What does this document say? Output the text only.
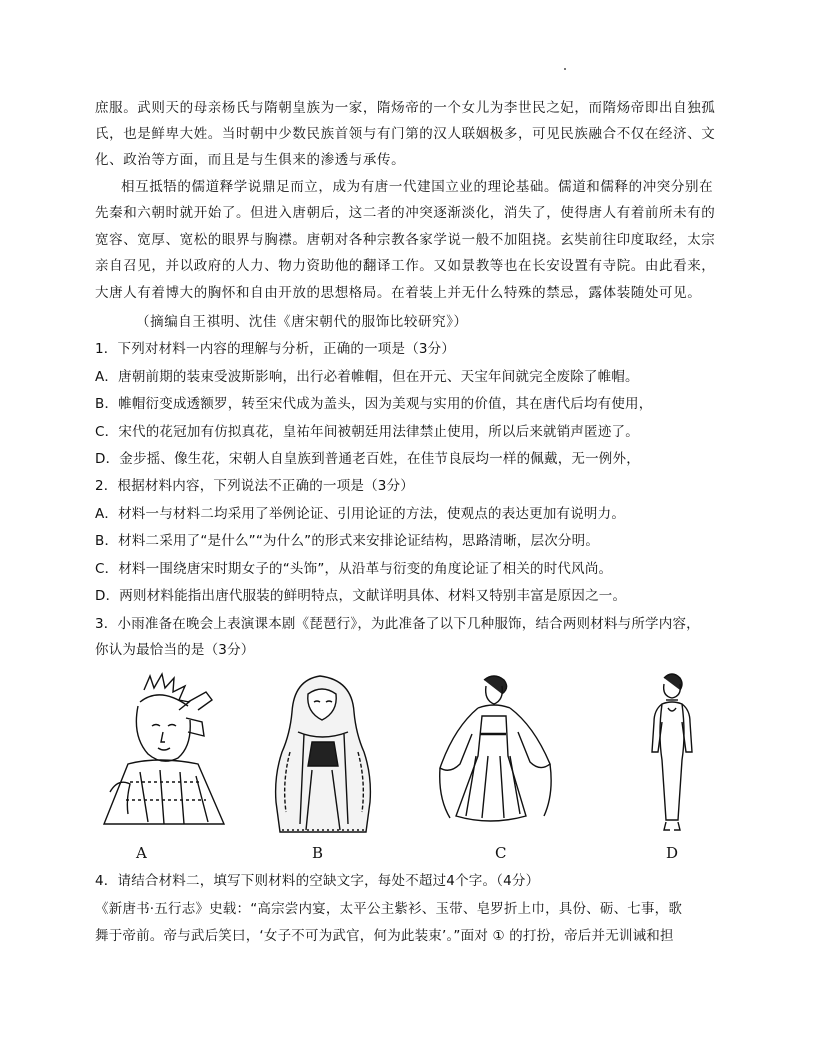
庶服。武则天的母亲杨氏与隋朝皇族为一家，隋炀帝的一个女儿为李世民之妃，而隋炀帝即出自独孤
氏，也是鲜卑大姓。当时朝中少数民族首领与有门第的汉人联姻极多，可见民族融合不仅在经济、文
化、政治等方面，而且是与生俱来的渗透与承传。
相互抵牾的儒道释学说鼎足而立，成为有唐一代建国立业的理论基础。儒道和儒释的冲突分别在
先秦和六朝时就开始了。但进入唐朝后，这二者的冲突逐渐淡化，消失了，使得唐人有着前所未有的
宽容、宽厚、宽松的眼界与胸襟。唐朝对各种宗教各家学说一般不加阻挠。玄奘前往印度取经，太宗
亲自召见，并以政府的人力、物力资助他的翻译工作。又如景教等也在长安设置有寺院。由此看来，
大唐人有着博大的胸怀和自由开放的思想格局。在着装上并无什么特殊的禁忌，露体装随处可见。
（摘编自王祺明、沈佳《唐宋朝代的服饰比较研究》）
1．下列对材料一内容的理解与分析，正确的一项是（3分）
A．唐朝前期的装束受波斯影响，出行必着帷帽，但在开元、天宝年间就完全废除了帷帽。
B．帷帽衍变成透额罗，转至宋代成为盖头，因为美观与实用的价值，其在唐代后均有使用，
C．宋代的花冠加有仿拟真花，皇祐年间被朝廷用法律禁止使用，所以后来就销声匿迹了。
D．金步摇、像生花，宋朝人自皇族到普通老百姓，在佳节良辰均一样的佩戴，无一例外，
2．根据材料内容，下列说法不正确的一项是（3分）
A．材料一与材料二均采用了举例论证、引用论证的方法，使观点的表达更加有说明力。
B．材料二采用了“是什么”“为什么”的形式来安排论证结构，思路清晰，层次分明。
C．材料一围绕唐宋时期女子的“头饰”，从沿革与衍变的角度论证了相关的时代风尚。
D．两则材料能指出唐代服装的鲜明特点，文献详明具体、材料又特别丰富是原因之一。
3．小雨准备在晚会上表演课本剧《琵琶行》，为此准备了以下几种服饰，结合两则材料与所学内容，
你认为最恰当的是（3分）
A	B	C	D
4．请结合材料二，填写下则材料的空缺文字，每处不超过4个字。（4分）
《新唐书·五行志》史载：“高宗尝内宴，太平公主紫衫、玉带、皂罗折上巾，具份、砺、七事，歌
舞于帝前。帝与武后笑曰，‘女子不可为武官，何为此装束’。”面对 ① 的打扮，帝后并无训诫和担
